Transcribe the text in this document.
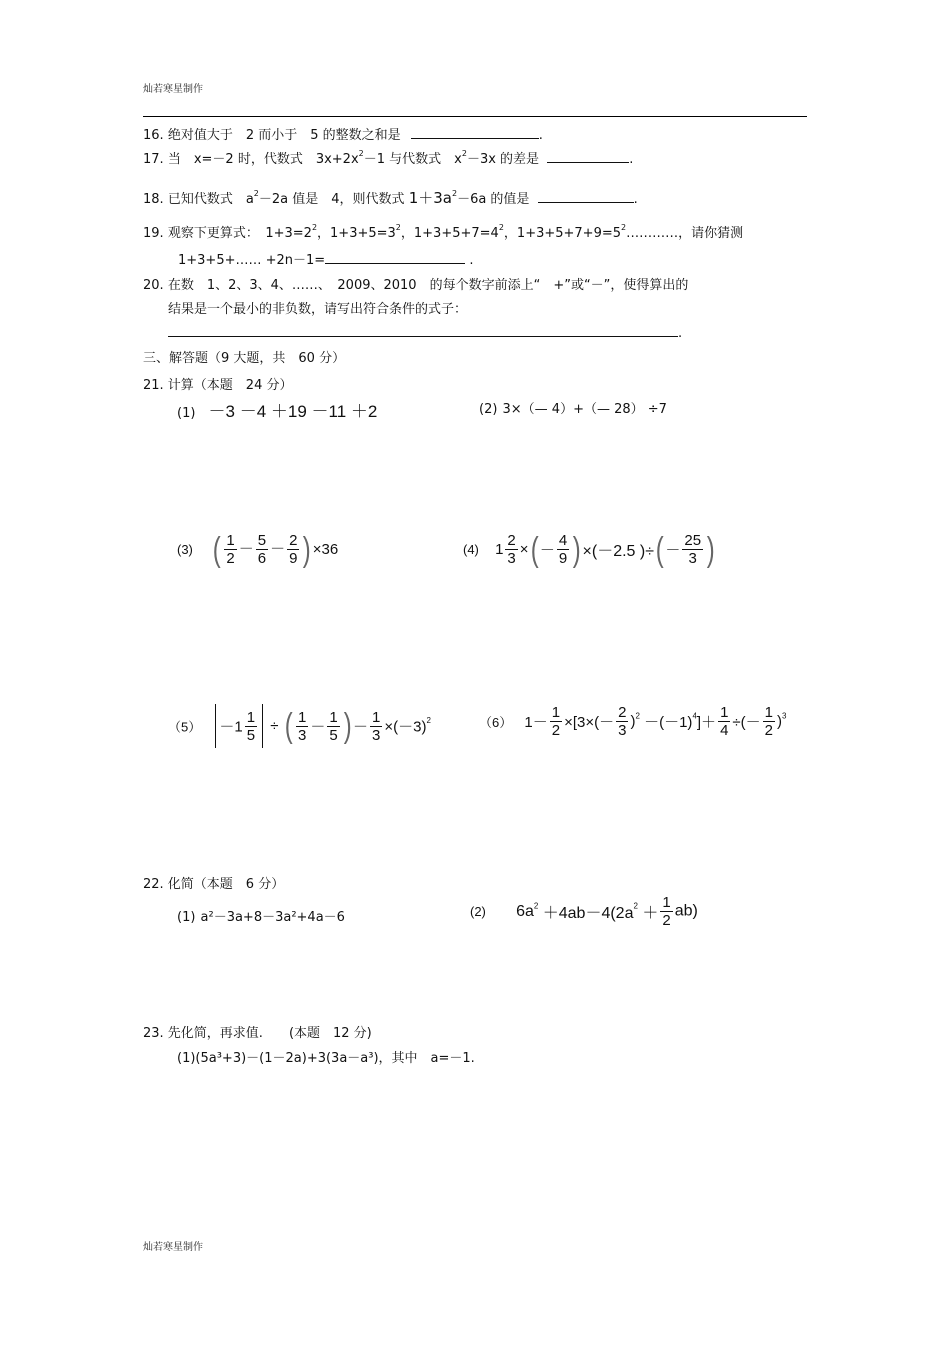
灿若寒星制作
16. 绝对值大于　2 而小于　5 的整数之和是	.
17. 当　x=－2 时，代数式　$3x+2x^2-1$ 与代数式　$x^2-3x$ 的差是	.
18. 已知代数式　$a^2-2a$ 值是　4，则代数式 $1+3a^2-6a$ 的值是	.
19. 观察下更算式：　$1+3=2^2$，$1+3+5=3^2$，$1+3+5+7=4^2$，$1+3+5+7+9=5^2\dots\dots\dots\dots$，请你猜测
1+3+5+…… +2n－1=	.
20. 在数　1、2、3、4、……、　2009、2010　的每个数字前添上“　+”或“－”，使得算出的
结果是一个最小的非负数，请写出符合条件的式子：
.
三、解答题（9 大题，共　60 分）
21. 计算（本题　24 分）
(1) －3 －4 ＋19 －11 ＋2	(2) 3×（— 4）+（— 28） ÷7
(3) ( $\frac{1}{2} - \frac{5}{6} - \frac{2}{9}$ ) ×36	(4) $1 \frac{2}{3}$ ×( － $\frac{4}{9}$ ) ×(－2.5 )÷( － $\frac{25}{3}$ )
$(5) -1 \frac{1}{5}$ ÷ ( $\frac{1}{3} - \frac{1}{5}$ ) － $\frac{1}{3} \times(-3)^2$	（6） $1- \frac{1}{2} \times[3\times(- \frac{2}{3} )^2 -(-1)^4]+ \frac{1}{4}$ ÷(－ $\frac{1}{2} )^3$
22. 化简（本题　6 分）
(1) a²－3a+8－3a²+4a－6	(2) $6a^2 +4ab-4(2a^2 + \frac{1}{2} ab)$
23. 先化简，再求值.　　(本题　12 分)
(1)(5a³+3)－(1－2a)+3(3a－a³)，其中　a=－1.
灿若寒星制作
